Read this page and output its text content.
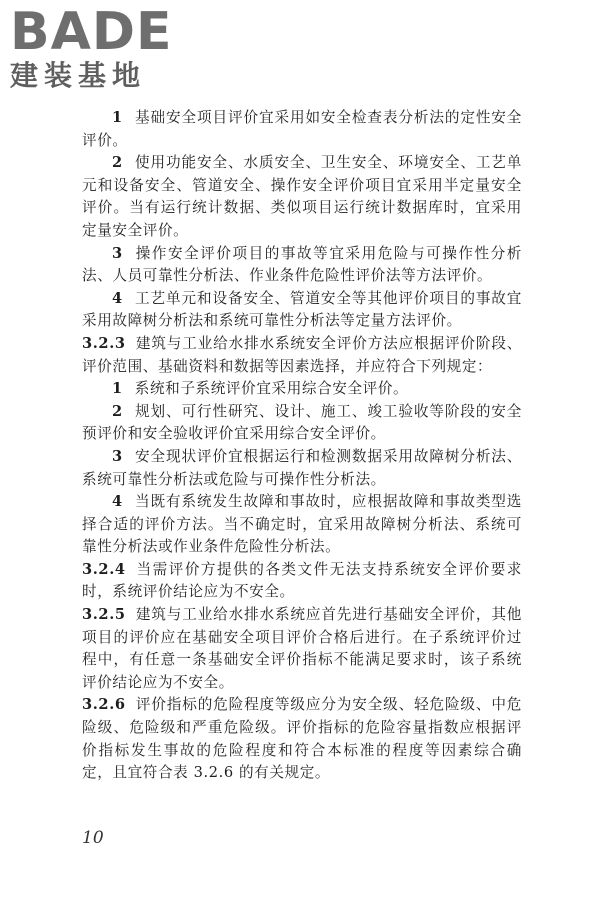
BADE
建装基地

1 基础安全项目评价宜采用如安全检查表分析法的定性安全评价。

2 使用功能安全、水质安全、卫生安全、环境安全、工艺单元和设备安全、管道安全、操作安全评价项目宜采用半定量安全评价。当有运行统计数据、类似项目运行统计数据库时，宜采用定量安全评价。

3 操作安全评价项目的事故等宜采用危险与可操作性分析法、人员可靠性分析法、作业条件危险性评价法等方法评价。

4 工艺单元和设备安全、管道安全等其他评价项目的事故宜采用故障树分析法和系统可靠性分析法等定量方法评价。

3.2.3 建筑与工业给水排水系统安全评价方法应根据评价阶段、评价范围、基础资料和数据等因素选择，并应符合下列规定：

1 系统和子系统评价宜采用综合安全评价。

2 规划、可行性研究、设计、施工、竣工验收等阶段的安全预评价和安全验收评价宜采用综合安全评价。

3 安全现状评价宜根据运行和检测数据采用故障树分析法、系统可靠性分析法或危险与可操作性分析法。

4 当既有系统发生故障和事故时，应根据故障和事故类型选择合适的评价方法。当不确定时，宜采用故障树分析法、系统可靠性分析法或作业条件危险性分析法。

3.2.4 当需评价方提供的各类文件无法支持系统安全评价要求时，系统评价结论应为不安全。

3.2.5 建筑与工业给水排水系统应首先进行基础安全评价，其他项目的评价应在基础安全项目评价合格后进行。在子系统评价过程中，有任意一条基础安全评价指标不能满足要求时，该子系统评价结论应为不安全。

3.2.6 评价指标的危险程度等级应分为安全级、轻危险级、中危险级、危险级和严重危险级。评价指标的危险容量指数应根据评价指标发生事故的危险程度和符合本标准的程度等因素综合确定，且宜符合表 3.2.6 的有关规定。

10
